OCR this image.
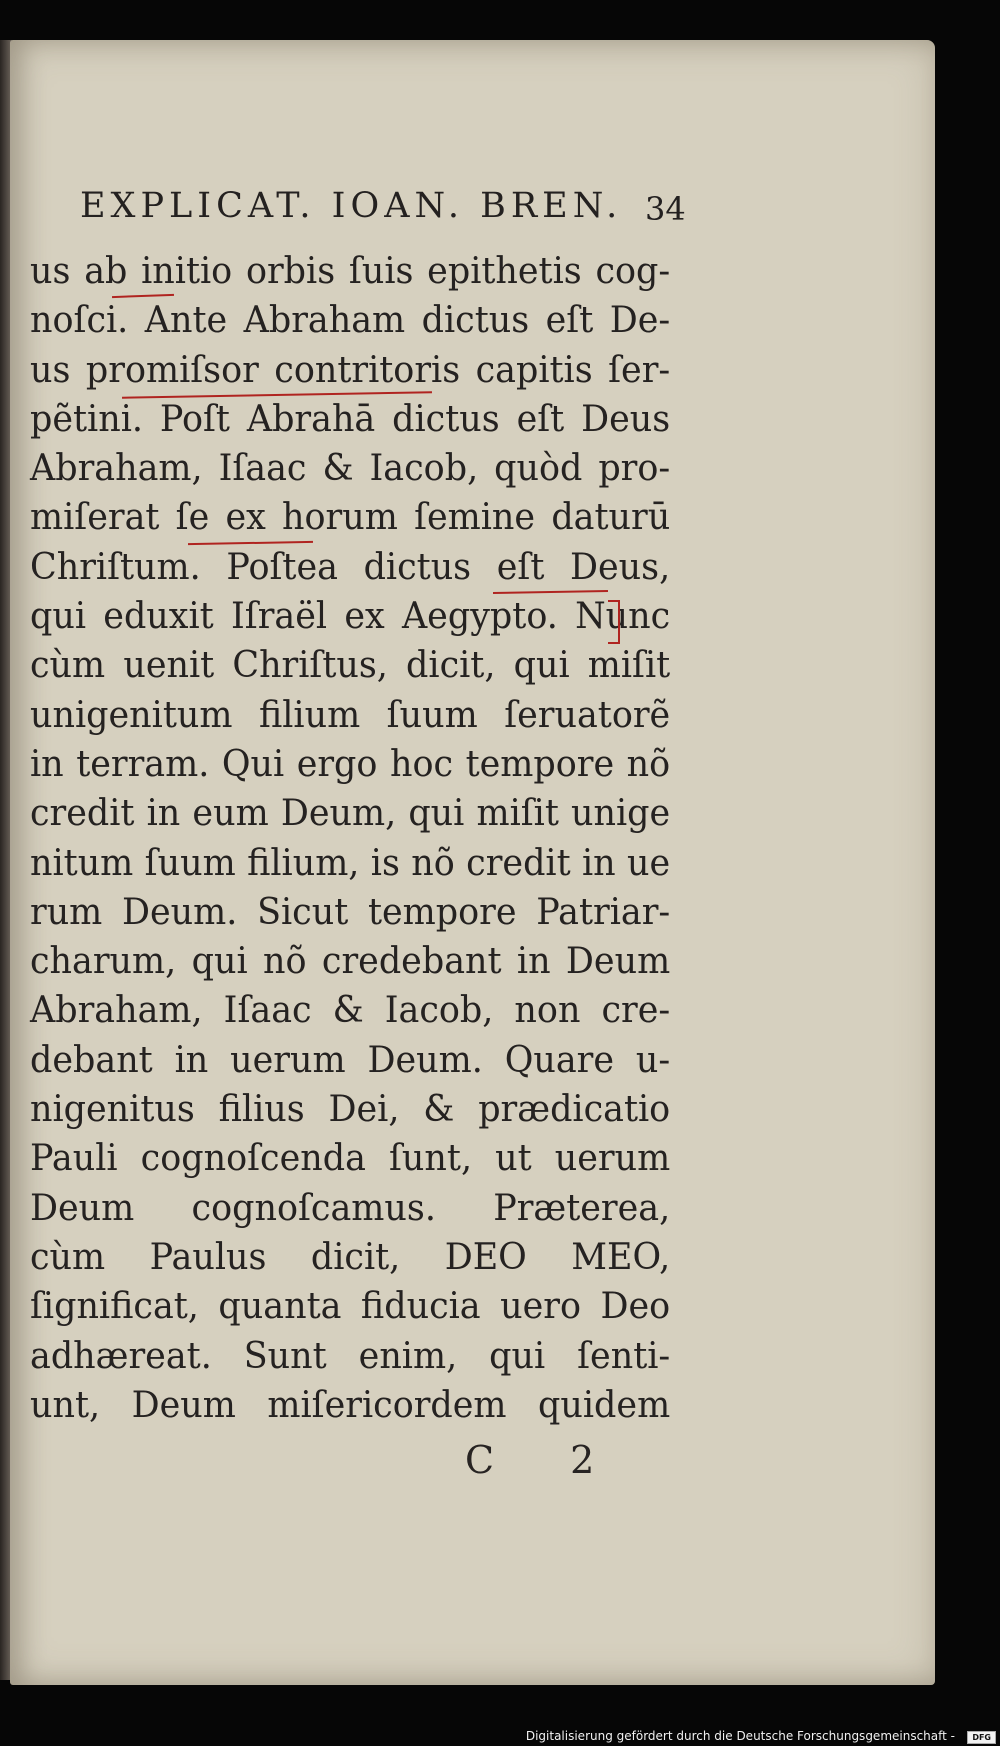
EXPLICAT. IOAN. BREN. 34
us ab initio orbis ſuis epithetis cog-
noſci. Ante Abraham dictus eſt De-
us promiſsor contritoris capitis ſer-
pẽtini. Poſt Abrahā dictus eſt Deus
Abraham, Iſaac & Iacob, quòd pro-
miſerat ſe ex horum ſemine daturū
Chriſtum. Poſtea dictus eſt Deus,
qui eduxit Iſraël ex Aegypto. Nunc
cùm uenit Chriſtus, dicit, qui miſit
unigenitum filium ſuum ſeruatorẽ
in terram. Qui ergo hoc tempore nõ
credit in eum Deum, qui miſit unige
nitum ſuum filium, is nõ credit in ue
rum Deum. Sicut tempore Patriar-
charum, qui nõ credebant in Deum
Abraham, Iſaac & Iacob, non cre-
debant in uerum Deum. Quare u-
nigenitus filius Dei, & prædicatio
Pauli cognoſcenda ſunt, ut uerum
Deum cognoſcamus. Præterea,
cùm Paulus dicit, DEO MEO,
ſignificat, quanta fiducia uero Deo
adhæreat. Sunt enim, qui ſenti-
unt, Deum miſericordem quidem
C 2
Digitalisierung gefördert durch die Deutsche Forschungsgemeinschaft -	DFG
